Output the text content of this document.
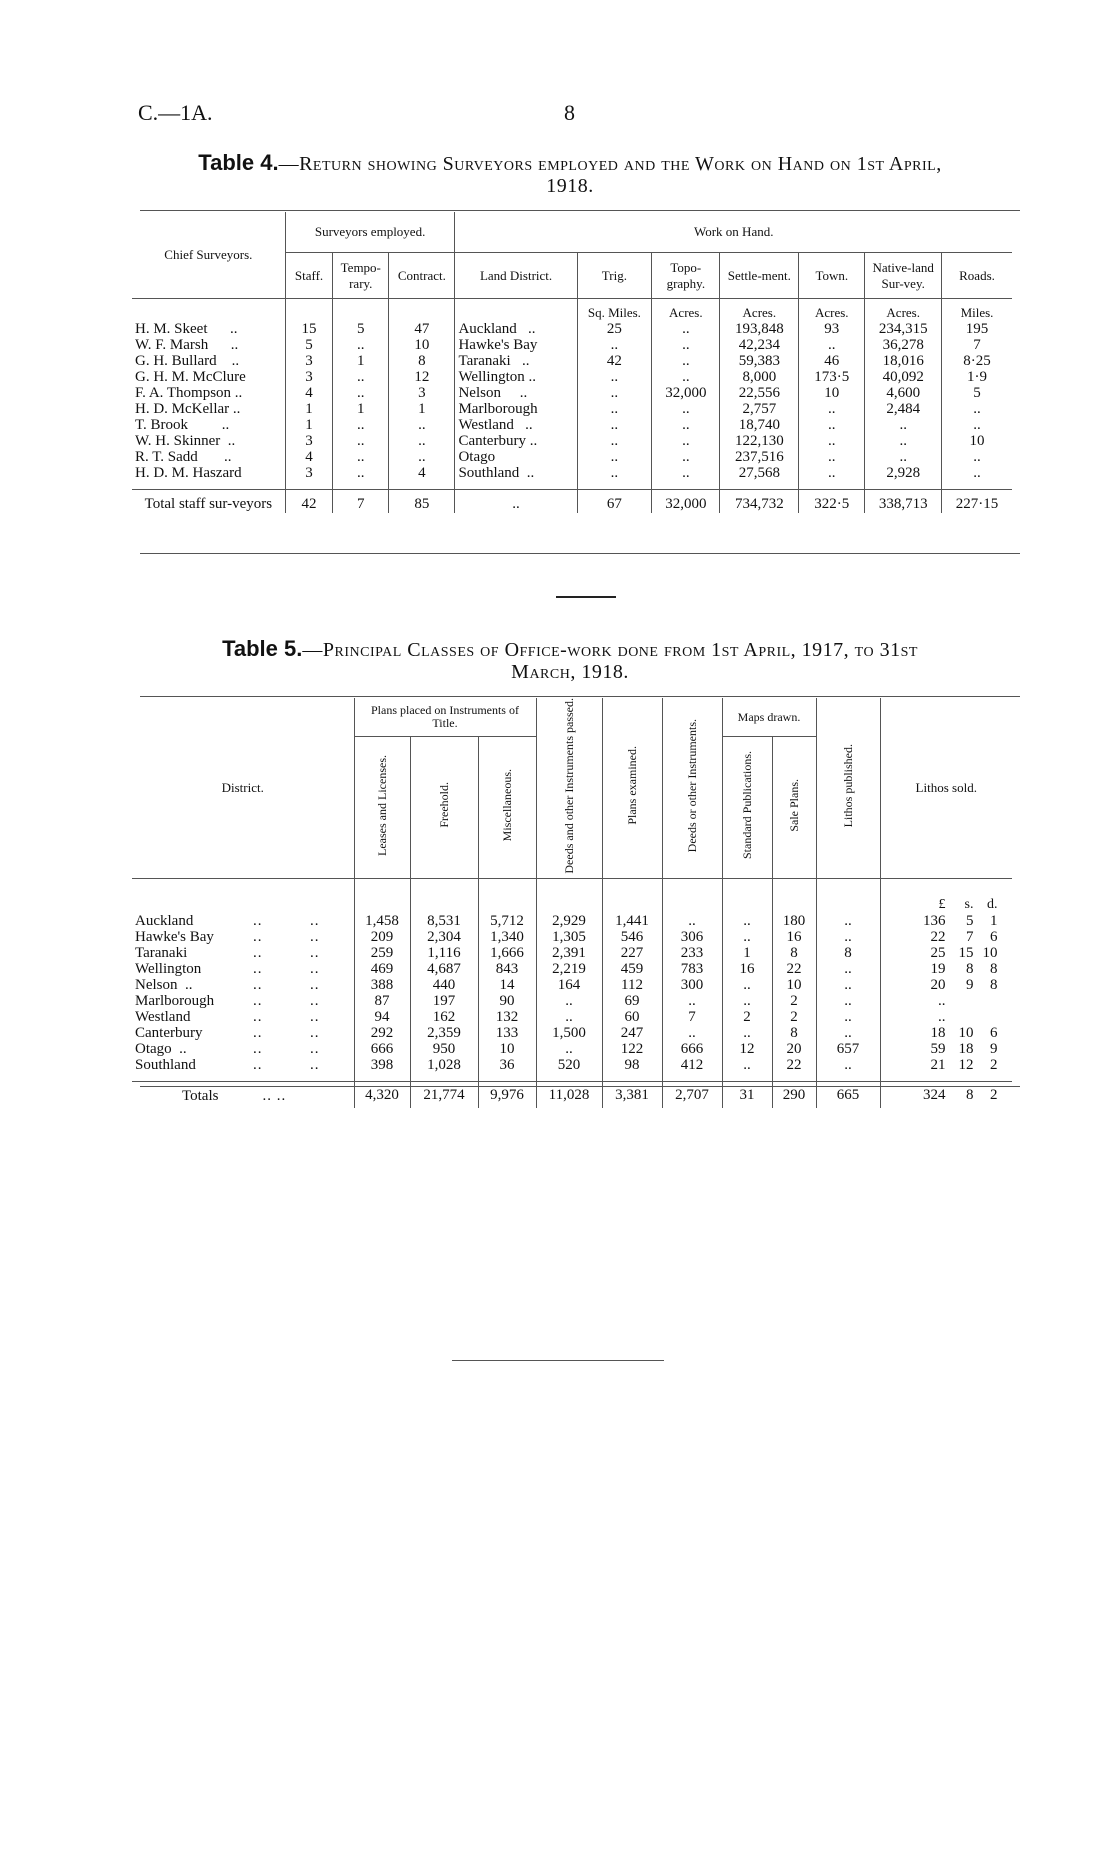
C.—1A.	8
Table 4.—Return showing Surveyors employed and the Work on Hand on 1st April,
1918.
Chief Surveyors.	Surveyors employed.			Work on Hand.						
	Staff.	Tempo-rary.	Contract.	Land District.	Trig.	Topo-graphy.	Settle-ment.	Town.	Native-land Sur-vey.	Roads.
					Sq. Miles.	Acres.	Acres.	Acres.	Acres.	Miles.
H. M. Skeet      ..	15	5	47	Auckland   ..	25	..	193,848	93	234,315	195
W. F. Marsh      ..	5	..	10	Hawke's Bay	..	..	42,234	..	36,278	7
G. H. Bullard    ..	3	1	8	Taranaki   ..	42	..	59,383	46	18,016	8·25
G. H. M. McClure	3	..	12	Wellington ..	..	..	8,000	173·5	40,092	1·9
F. A. Thompson ..	4	..	3	Nelson     ..	..	32,000	22,556	10	4,600	5
H. D. McKellar ..	1	1	1	Marlborough	..	..	2,757	..	2,484	..
T. Brook         ..	1	..	..	Westland   ..	..	..	18,740	..	..	..
W. H. Skinner  ..	3	..	..	Canterbury ..	..	..	122,130	..	..	10
R. T. Sadd       ..	4	..	..	Otago	..	..	237,516	..	..	..
H. D. M. Haszard	3	..	4	Southland  ..	..	..	27,568	..	2,928	..

Total staff sur-veyors	42	7	85	..	67	32,000	734,732	322·5	338,713	227·15
Table 5.—Principal Classes of Office-work done from 1st April, 1917, to 31st
March, 1918.
District.	Plans placed on Instruments of Title.			Deeds and other Instruments passed.	Plans examined.	Deeds or other Instruments.	Maps drawn.		Lithos published.	Lithos sold.
	Leases and Licenses.	Freehold.	Miscellaneous.				Standard Publications.	Sale Plans.		
										£ s. d.
Auckland ..          ..	1,458	8,531	5,712	2,929	1,441	..	..	180	..	136 5 1
Hawke's Bay ..          ..	209	2,304	1,340	1,305	546	306	..	16	..	22 7 6
Taranaki ..          ..	259	1,116	1,666	2,391	227	233	1	8	8	25 15 10
Wellington ..          ..	469	4,687	843	2,219	459	783	16	22	..	19 8 8
Nelson  .. ..          ..	388	440	14	164	112	300	..	10	..	20 9 8
Marlborough ..          ..	87	197	90	..	69	..	..	2	..	..
Westland ..          ..	94	162	132	..	60	7	2	2	..	..
Canterbury ..          ..	292	2,359	133	1,500	247	..	..	8	..	18 10 6
Otago  .. ..          ..	666	950	10	..	122	666	12	20	657	59 18 9
Southland ..          ..	398	1,028	36	520	98	412	..	22	..	21 12 2

Totals .. ..	4,320	21,774	9,976	11,028	3,381	2,707	31	290	665	324 8 2
